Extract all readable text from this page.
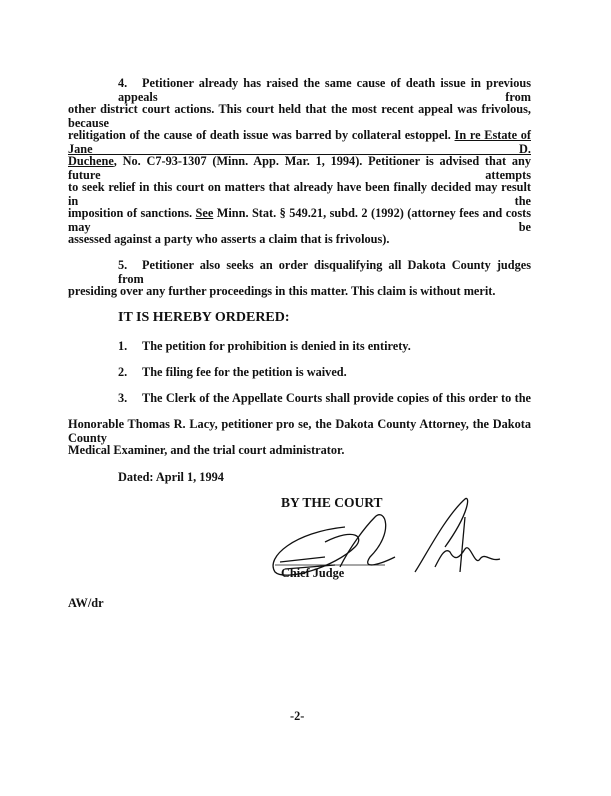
4. Petitioner already has raised the same cause of death issue in previous appeals from
other district court actions. This court held that the most recent appeal was frivolous, because
relitigation of the cause of death issue was barred by collateral estoppel. In re Estate of Jane D.
Duchene, No. C7-93-1307 (Minn. App. Mar. 1, 1994). Petitioner is advised that any future attempts
to seek relief in this court on matters that already have been finally decided may result in the
imposition of sanctions. See Minn. Stat. § 549.21, subd. 2 (1992) (attorney fees and costs may be
assessed against a party who asserts a claim that is frivolous).
5. Petitioner also seeks an order disqualifying all Dakota County judges from
presiding over any further proceedings in this matter. This claim is without merit.
IT IS HEREBY ORDERED:
1. The petition for prohibition is denied in its entirety.
2. The filing fee for the petition is waived.
3. The Clerk of the Appellate Courts shall provide copies of this order to the
Honorable Thomas R. Lacy, petitioner pro se, the Dakota County Attorney, the Dakota County
Medical Examiner, and the trial court administrator.
Dated: April 1, 1994
BY THE COURT
Chief Judge
AW/dr
-2-
